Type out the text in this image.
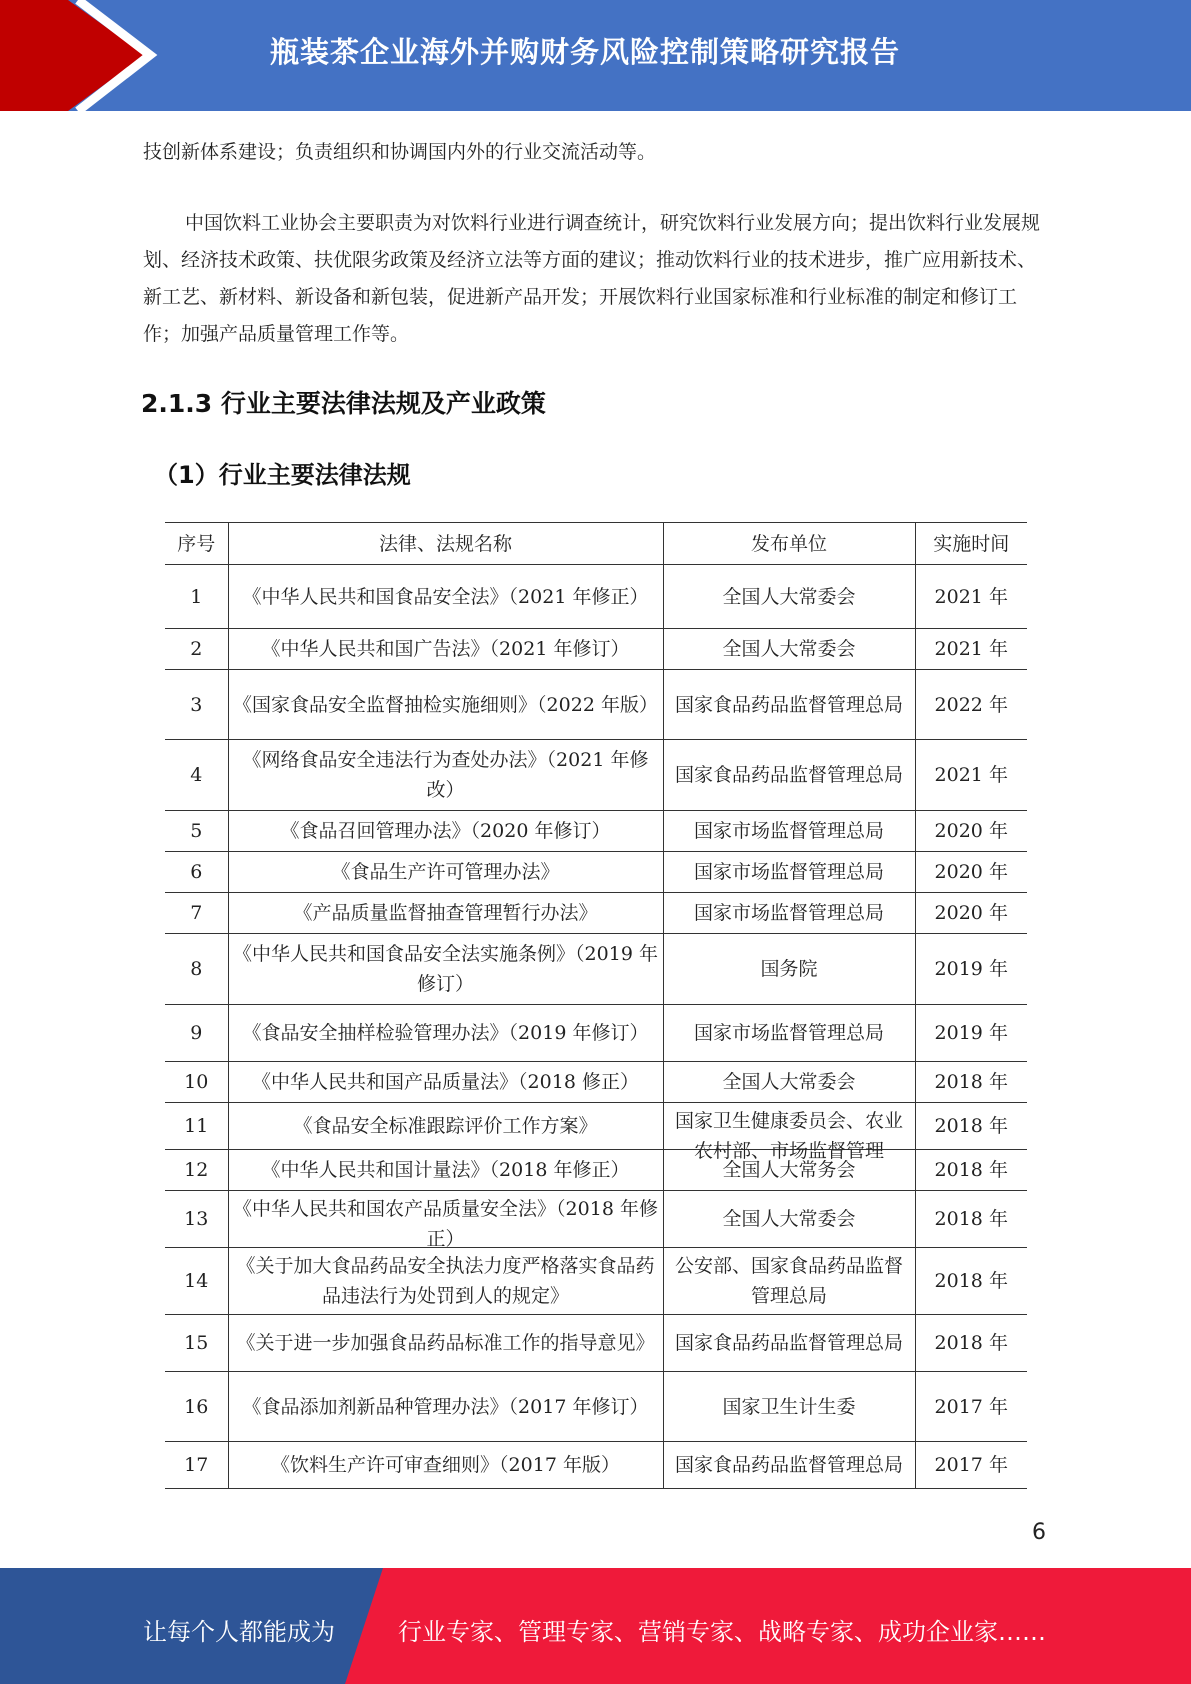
瓶装茶企业海外并购财务风险控制策略研究报告

技创新体系建设；负责组织和协调国内外的行业交流活动等。

中国饮料工业协会主要职责为对饮料行业进行调查统计，研究饮料行业发展方向；提出饮料行业发展规划、经济技术政策、扶优限劣政策及经济立法等方面的建议；推动饮料行业的技术进步，推广应用新技术、新工艺、新材料、新设备和新包装，促进新产品开发；开展饮料行业国家标准和行业标准的制定和修订工作；加强产品质量管理工作等。

2.1.3 行业主要法律法规及产业政策
（1）行业主要法律法规
序号	法律、法规名称	发布单位	实施时间

1	《中华人民共和国食品安全法》（2021 年修正）	全国人大常委会	2021 年

2	《中华人民共和国广告法》（2021 年修订）	全国人大常委会	2021 年

3	《国家食品安全监督抽检实施细则》（2022 年版）	国家食品药品监督管理总局	2022 年

4	《网络食品安全违法行为查处办法》（2021 年修改）	国家食品药品监督管理总局	2021 年

5	《食品召回管理办法》（2020 年修订）	国家市场监督管理总局	2020 年

6	《食品生产许可管理办法》	国家市场监督管理总局	2020 年

7	《产品质量监督抽查管理暂行办法》	国家市场监督管理总局	2020 年

8	《中华人民共和国食品安全法实施条例》（2019 年修订）	国务院	2019 年

9	《食品安全抽样检验管理办法》（2019 年修订）	国家市场监督管理总局	2019 年

10	《中华人民共和国产品质量法》（2018 修正）	全国人大常委会	2018 年

11	《食品安全标准跟踪评价工作方案》	国家卫生健康委员会、农业农村部、市场监督管理	2018 年

12	《中华人民共和国计量法》（2018 年修正）	全国人大常务会	2018 年

13	《中华人民共和国农产品质量安全法》（2018 年修正）	全国人大常委会	2018 年

14	《关于加大食品药品安全执法力度严格落实食品药品违法行为处罚到人的规定》	公安部、国家食品药品监督管理总局	2018 年

15	《关于进一步加强食品药品标准工作的指导意见》	国家食品药品监督管理总局	2018 年

16	《食品添加剂新品种管理办法》（2017 年修订）	国家卫生计生委	2017 年

17	《饮料生产许可审查细则》（2017 年版）	国家食品药品监督管理总局	2017 年
6
让每个人都能成为	行业专家、管理专家、营销专家、战略专家、成功企业家……
